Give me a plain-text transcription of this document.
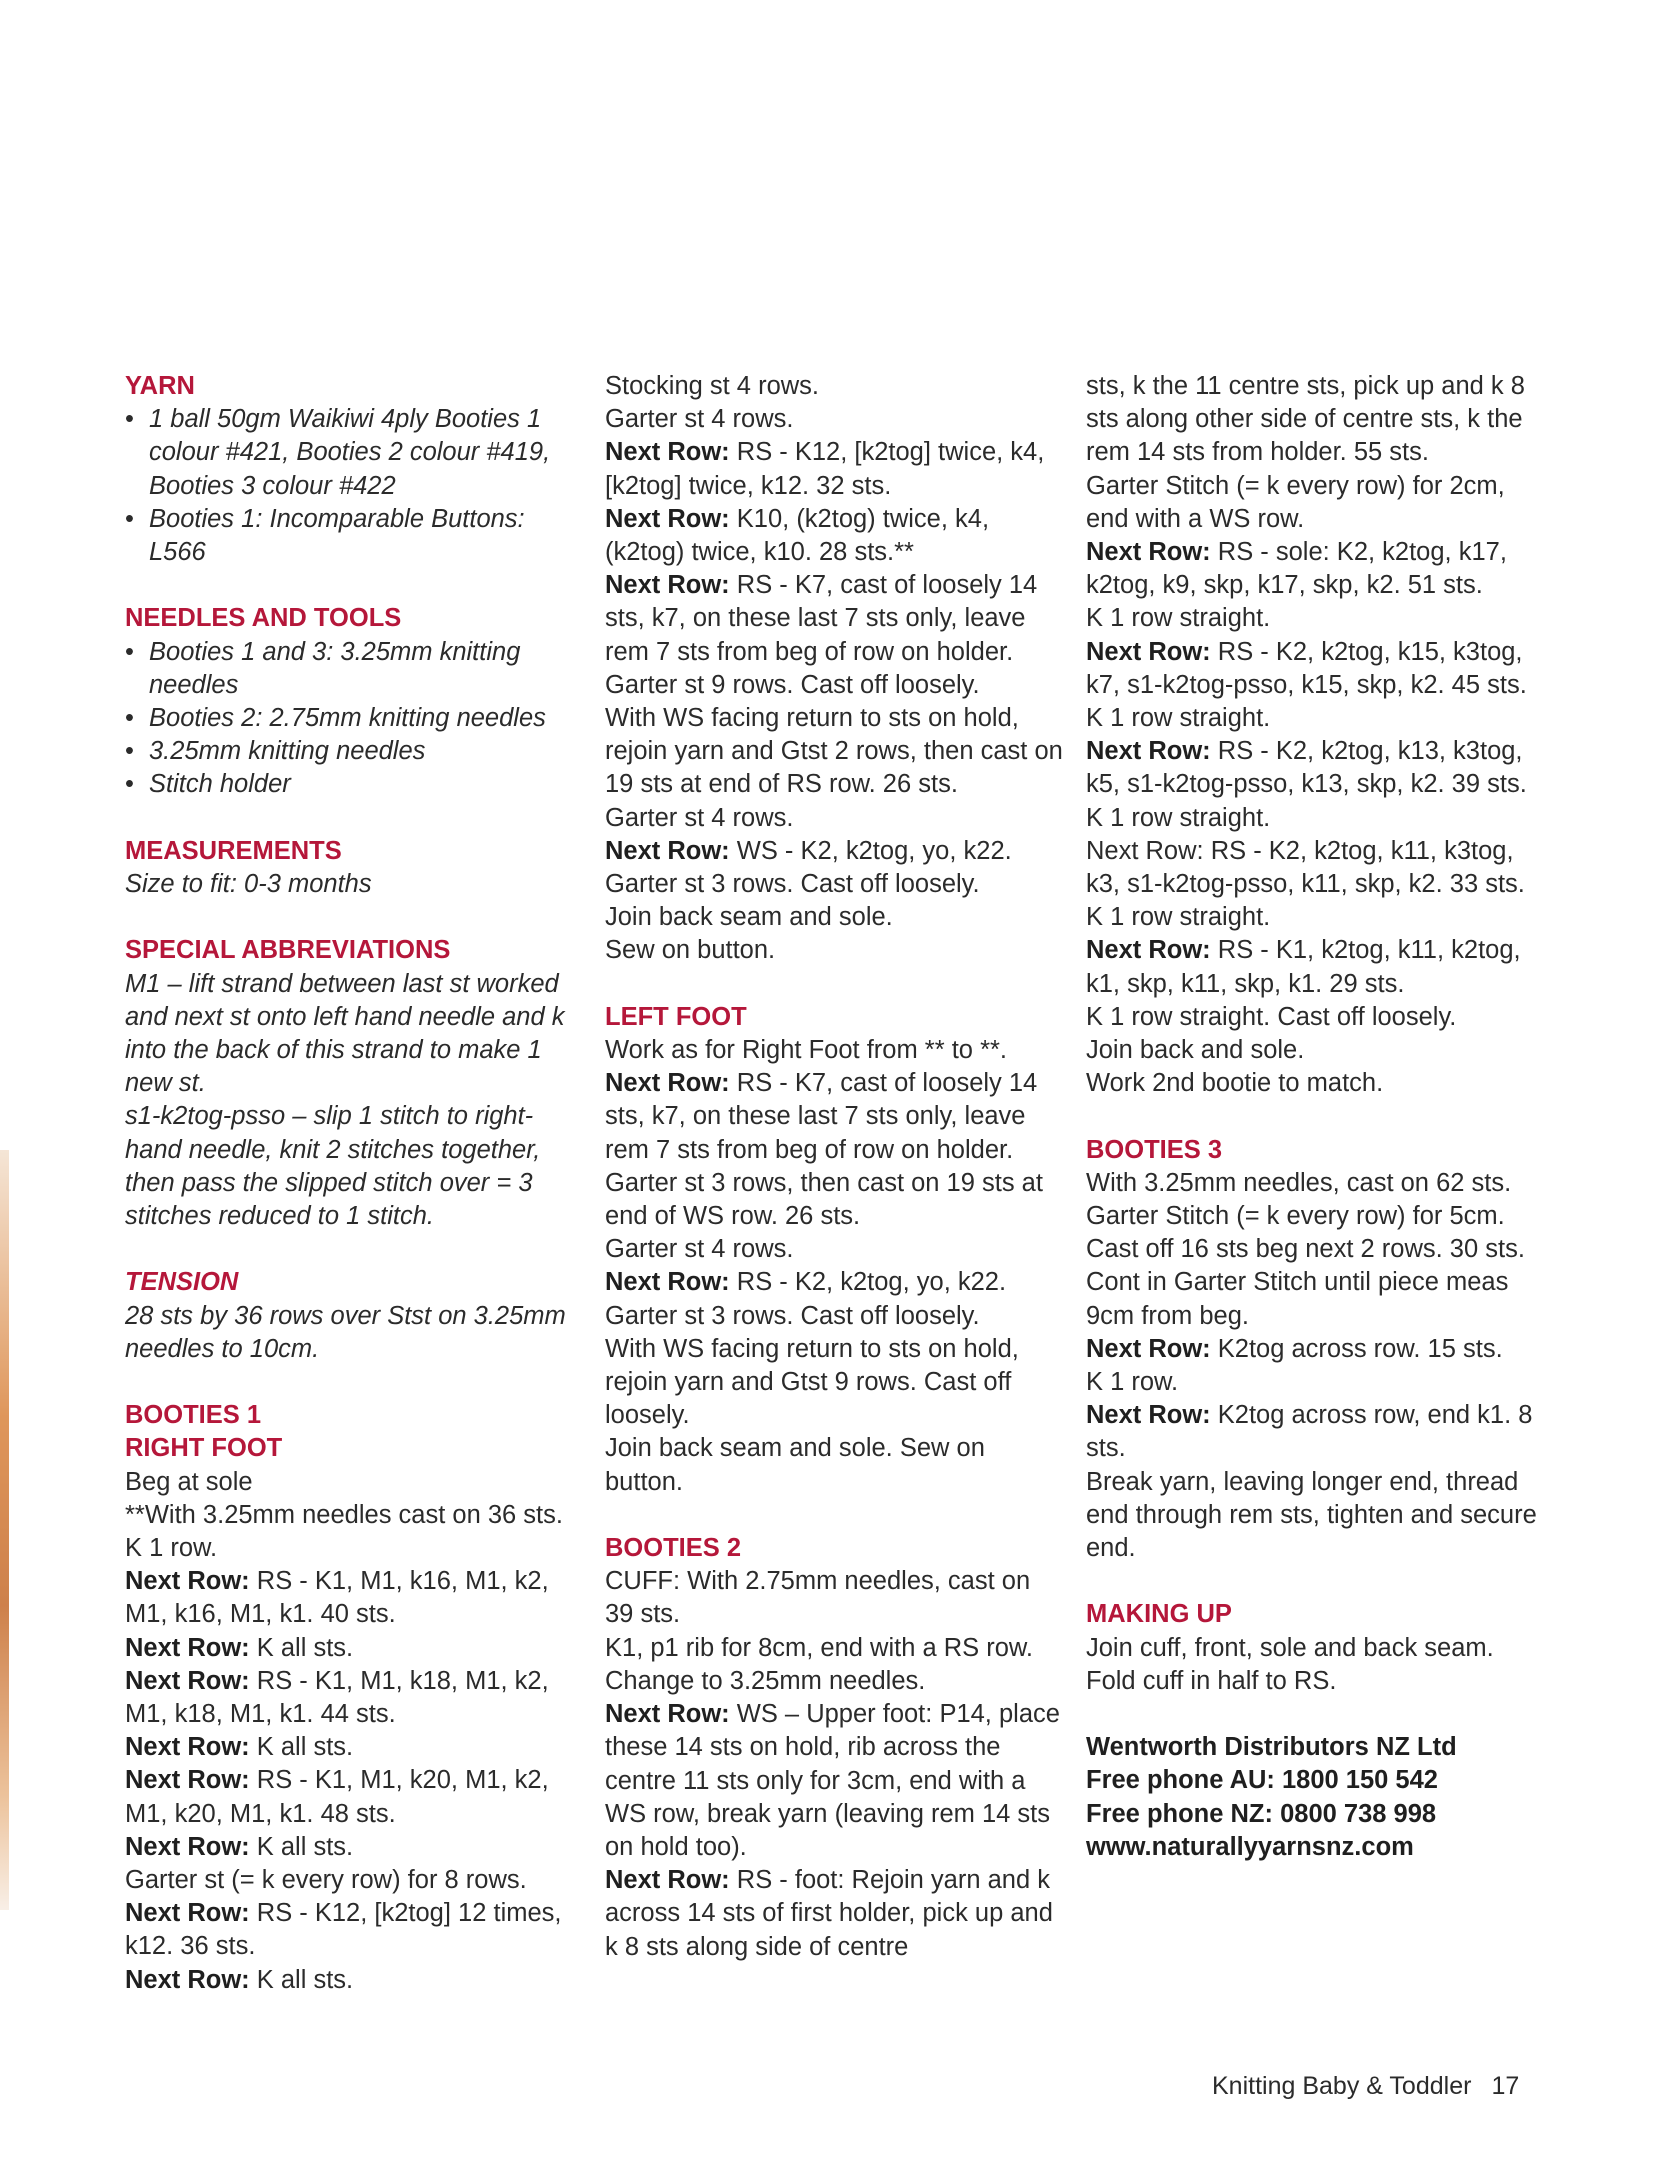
YARN

• 1 ball 50gm Waikiwi 4ply Booties 1 colour #421, Booties 2 colour #419, Booties 3 colour #422

• Booties 1: Incomparable Buttons: L566

NEEDLES AND TOOLS

• Booties 1 and 3: 3.25mm knitting needles

• Booties 2: 2.75mm knitting needles

• 3.25mm knitting needles

• Stitch holder

MEASUREMENTS

Size to fit: 0-3 months

SPECIAL ABBREVIATIONS

M1 – lift strand between last st worked and next st onto left hand needle and k into the back of this strand to make 1 new st.

s1-k2tog-psso – slip 1 stitch to right-hand needle, knit 2 stitches together, then pass the slipped stitch over = 3 stitches reduced to 1 stitch.

TENSION

28 sts by 36 rows over Stst on 3.25mm needles to 10cm.

BOOTIES 1

RIGHT FOOT

Beg at sole

**With 3.25mm needles cast on 36 sts.

K 1 row.

Next Row: RS - K1, M1, k16, M1, k2, M1, k16, M1, k1. 40 sts.

Next Row: K all sts.

Next Row: RS - K1, M1, k18, M1, k2, M1, k18, M1, k1. 44 sts.

Next Row: K all sts.

Next Row: RS - K1, M1, k20, M1, k2, M1, k20, M1, k1. 48 sts.

Next Row: K all sts.

Garter st (= k every row) for 8 rows.

Next Row: RS - K12, [k2tog] 12 times, k12. 36 sts.

Next Row: K all sts.

Stocking st 4 rows.

Garter st 4 rows.

Next Row: RS - K12, [k2tog] twice, k4, [k2tog] twice, k12. 32 sts.

Next Row: K10, (k2tog) twice, k4, (k2tog) twice, k10. 28 sts.**

Next Row: RS - K7, cast of loosely 14 sts, k7, on these last 7 sts only, leave rem 7 sts from beg of row on holder.

Garter st 9 rows. Cast off loosely.

With WS facing return to sts on hold, rejoin yarn and Gtst 2 rows, then cast on 19 sts at end of RS row. 26 sts.

Garter st 4 rows.

Next Row: WS - K2, k2tog, yo, k22.

Garter st 3 rows. Cast off loosely.

Join back seam and sole.

Sew on button.

LEFT FOOT

Work as for Right Foot from ** to **.

Next Row: RS - K7, cast of loosely 14 sts, k7, on these last 7 sts only, leave rem 7 sts from beg of row on holder.

Garter st 3 rows, then cast on 19 sts at end of WS row. 26 sts.

Garter st 4 rows.

Next Row: RS - K2, k2tog, yo, k22.

Garter st 3 rows. Cast off loosely.

With WS facing return to sts on hold, rejoin yarn and Gtst 9 rows. Cast off loosely.

Join back seam and sole. Sew on button.

BOOTIES 2

CUFF: With 2.75mm needles, cast on 39 sts.

K1, p1 rib for 8cm, end with a RS row.

Change to 3.25mm needles.

Next Row: WS – Upper foot: P14, place these 14 sts on hold, rib across the centre 11 sts only for 3cm, end with a WS row, break yarn (leaving rem 14 sts on hold too).

Next Row: RS - foot: Rejoin yarn and k across 14 sts of first holder, pick up and k 8 sts along side of centre

sts, k the 11 centre sts, pick up and k 8 sts along other side of centre sts, k the rem 14 sts from holder. 55 sts.

Garter Stitch (= k every row) for 2cm, end with a WS row.

Next Row: RS - sole: K2, k2tog, k17, k2tog, k9, skp, k17, skp, k2. 51 sts.

K 1 row straight.

Next Row: RS - K2, k2tog, k15, k3tog, k7, s1-k2tog-psso, k15, skp, k2. 45 sts.

K 1 row straight.

Next Row: RS - K2, k2tog, k13, k3tog, k5, s1-k2tog-psso, k13, skp, k2. 39 sts.

K 1 row straight.

Next Row: RS - K2, k2tog, k11, k3tog, k3, s1-k2tog-psso, k11, skp, k2. 33 sts.

K 1 row straight.

Next Row: RS - K1, k2tog, k11, k2tog, k1, skp, k11, skp, k1. 29 sts.

K 1 row straight. Cast off loosely.

Join back and sole.

Work 2nd bootie to match.

BOOTIES 3

With 3.25mm needles, cast on 62 sts.

Garter Stitch (= k every row) for 5cm.

Cast off 16 sts beg next 2 rows. 30 sts.

Cont in Garter Stitch until piece meas 9cm from beg.

Next Row: K2tog across row. 15 sts.

K 1 row.

Next Row: K2tog across row, end k1. 8 sts.

Break yarn, leaving longer end, thread end through rem sts, tighten and secure end.

MAKING UP

Join cuff, front, sole and back seam.

Fold cuff in half to RS.

Wentworth Distributors NZ Ltd

Free phone AU: 1800 150 542

Free phone NZ: 0800 738 998

www.naturallyyarnsnz.com

Knitting Baby & Toddler 17
